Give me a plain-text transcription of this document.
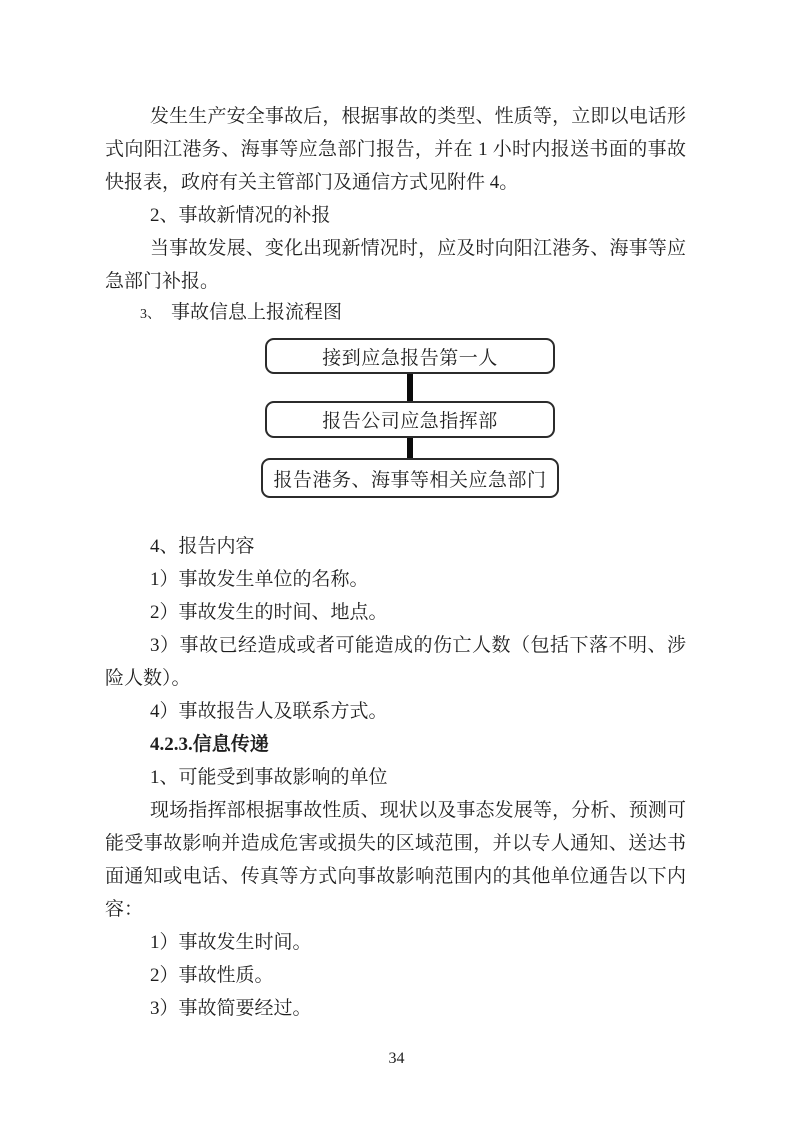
发生生产安全事故后，根据事故的类型、性质等，立即以电话形
式向阳江港务、海事等应急部门报告，并在 1 小时内报送书面的事故
快报表，政府有关主管部门及通信方式见附件 4。
2、事故新情况的补报
当事故发展、变化出现新情况时，应及时向阳江港务、海事等应
急部门补报。
3、 事故信息上报流程图
接到应急报告第一人
报告公司应急指挥部
报告港务、海事等相关应急部门
4、报告内容
1）事故发生单位的名称。
2）事故发生的时间、地点。
3）事故已经造成或者可能造成的伤亡人数（包括下落不明、涉
险人数）。
4）事故报告人及联系方式。
4.2.3.信息传递
1、可能受到事故影响的单位
现场指挥部根据事故性质、现状以及事态发展等，分析、预测可
能受事故影响并造成危害或损失的区域范围，并以专人通知、送达书
面通知或电话、传真等方式向事故影响范围内的其他单位通告以下内
容：
1）事故发生时间。
2）事故性质。
3）事故简要经过。
34
